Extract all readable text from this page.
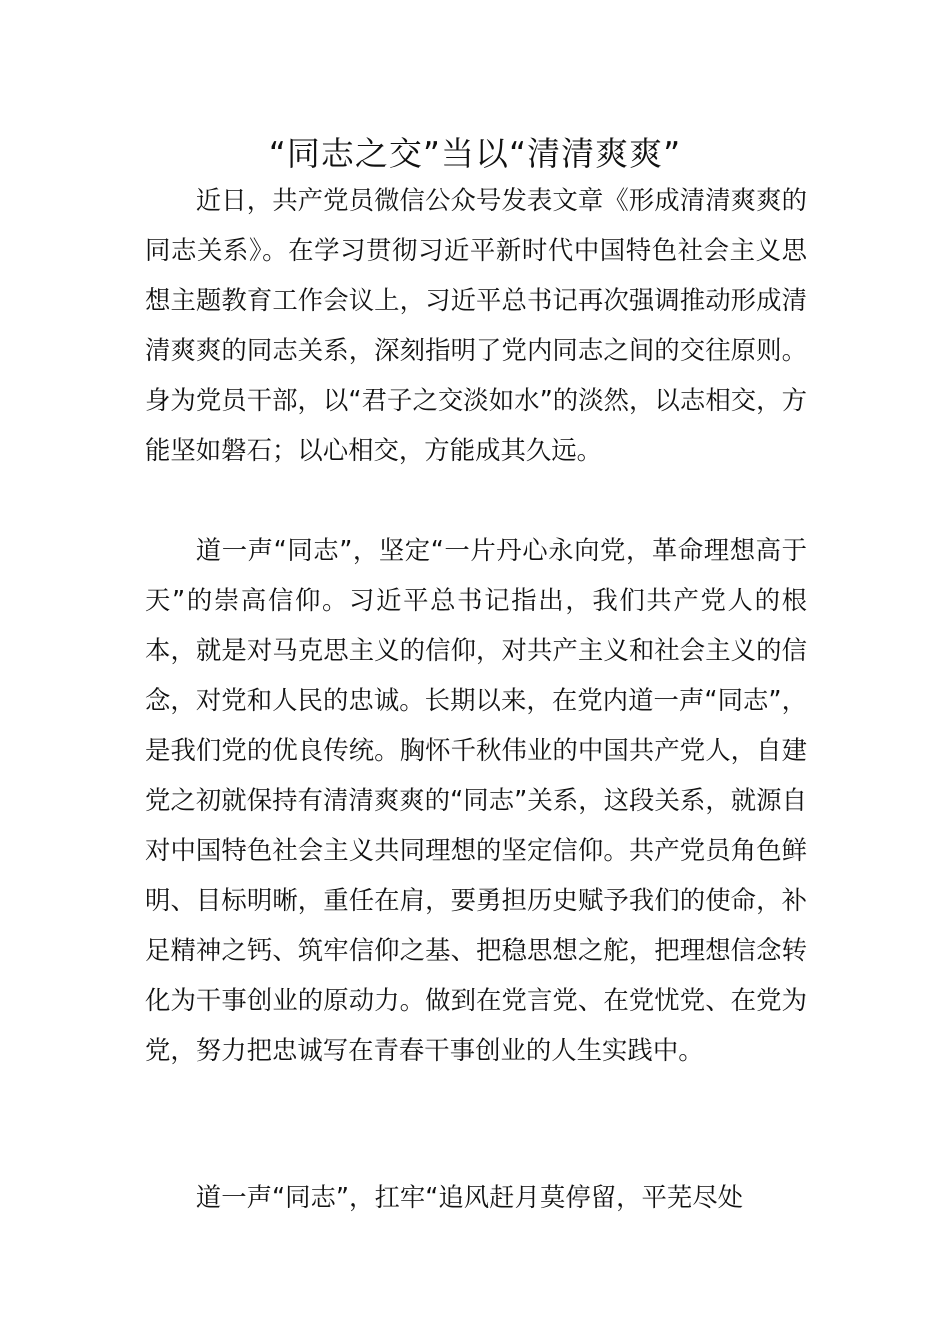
“同志之交”当以“清清爽爽”

近日，共产党员微信公众号发表文章《形成清清爽爽的同志关系》。在学习贯彻习近平新时代中国特色社会主义思想主题教育工作会议上，习近平总书记再次强调推动形成清清爽爽的同志关系，深刻指明了党内同志之间的交往原则。身为党员干部，以“君子之交淡如水”的淡然，以志相交，方能坚如磐石；以心相交，方能成其久远。

道一声“同志”，坚定“一片丹心永向党，革命理想高于天”的崇高信仰。习近平总书记指出，我们共产党人的根本，就是对马克思主义的信仰，对共产主义和社会主义的信念，对党和人民的忠诚。长期以来，在党内道一声“同志”，是我们党的优良传统。胸怀千秋伟业的中国共产党人，自建党之初就保持有清清爽爽的“同志”关系，这段关系，就源自对中国特色社会主义共同理想的坚定信仰。共产党员角色鲜明、目标明晰，重任在肩，要勇担历史赋予我们的使命，补足精神之钙、筑牢信仰之基、把稳思想之舵，把理想信念转化为干事创业的原动力。做到在党言党、在党忧党、在党为党，努力把忠诚写在青春干事创业的人生实践中。

道一声“同志”，扛牢“追风赶月莫停留，平芜尽处
